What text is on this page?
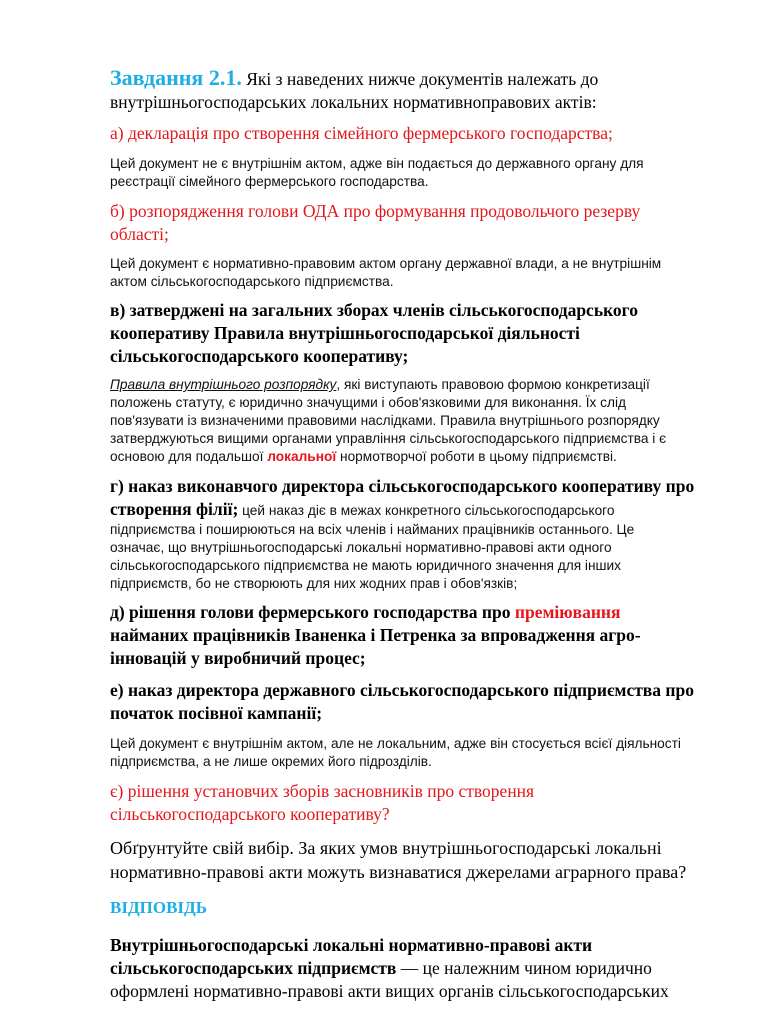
Завдання 2.1. Які з наведених нижче документів належать до
внутрішньогосподарських локальних нормативноправових актів:
а) декларація про створення сімейного фермерського господарства;
Цей документ не є внутрішнім актом, адже він подається до державного органу для
реєстрації сімейного фермерського господарства.
б) розпорядження голови ОДА про формування продовольчого резерву
області;
Цей документ є нормативно-правовим актом органу державної влади, а не внутрішнім
актом сільськогосподарського підприємства.
в) затверджені на загальних зборах членів сільськогосподарського
кооперативу Правила внутрішньогосподарської діяльності
сільськогосподарського кооперативу;
Правила внутрішнього розпорядку, які виступають правовою формою конкретизації
положень статуту, є юридично значущими і обов'язковими для виконання. Їх слід
пов'язувати із визначеними правовими наслідками. Правила внутрішнього розпорядку
затверджуються вищими органами управління сільськогосподарського підприємства і є
основою для подальшої локальної нормотворчої роботи в цьому підприємстві.
г) наказ виконавчого директора сільськогосподарського кооперативу про
створення філії; цей наказ діє в межах конкретного сільськогосподарського
підприємства і поширюються на всіх членів і найманих працівників останнього. Це
означає, що внутрішньогосподарські локальні нормативно-правові акти одного
сільськогосподарського підприємства не мають юридичного значення для інших
підприємств, бо не створюють для них жодних прав і обов'язків;
д) рішення голови фермерського господарства про преміювання
найманих працівників Іваненка і Петренка за впровадження агро-
інновацій у виробничий процес;
е) наказ директора державного сільськогосподарського підприємства про
початок посівної кампанії;
Цей документ є внутрішнім актом, але не локальним, адже він стосується всієї діяльності
підприємства, а не лише окремих його підрозділів.
є) рішення установчих зборів засновників про створення
сільськогосподарського кооперативу?
Обґрунтуйте свій вибір. За яких умов внутрішньогосподарські локальні
нормативно-правові акти можуть визнаватися джерелами аграрного права?
ВІДПОВІДЬ
Внутрішньогосподарські локальні нормативно-правові акти
сільськогосподарських підприємств — це належним чином юридично
оформлені нормативно-правові акти вищих органів сільськогосподарських
